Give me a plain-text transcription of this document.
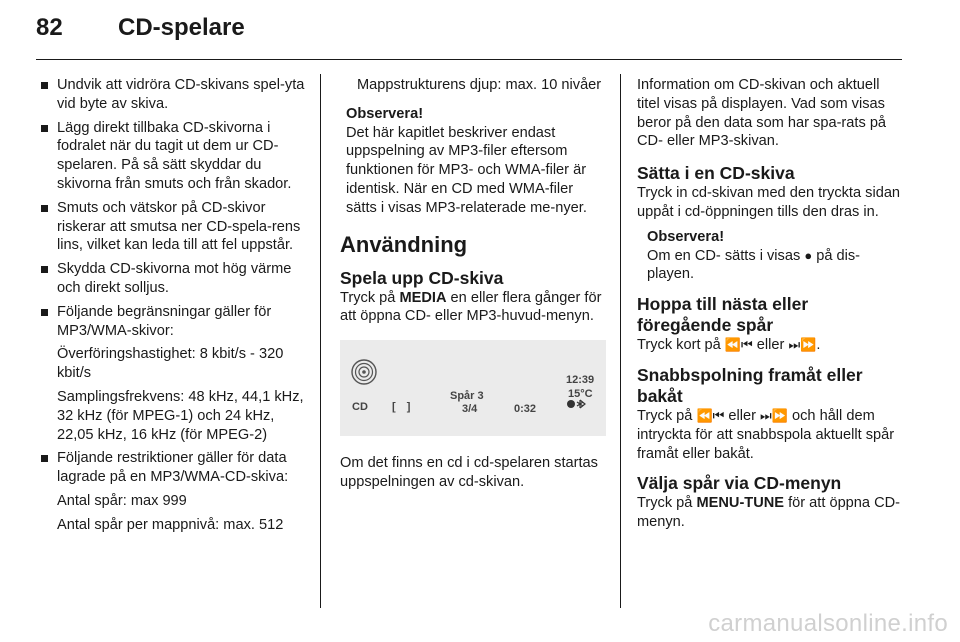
82 CD-spelare
Undvik att vidröra CD-skivans spel-yta vid byte av skiva.
Lägg direkt tillbaka CD-skivorna i fodralet när du tagit ut dem ur CD-spelaren. På så sätt skyddar du skivorna från smuts och från skador.
Smuts och vätskor på CD-skivor riskerar att smutsa ner CD-spela-rens lins, vilket kan leda till att fel uppstår.
Skydda CD-skivorna mot hög värme och direkt solljus.
Följande begränsningar gäller för MP3/WMA-skivor:
Överföringshastighet: 8 kbit/s - 320 kbit/s
Samplingsfrekvens: 48 kHz, 44,1 kHz, 32 kHz (för MPEG-1) och 24 kHz, 22,05 kHz, 16 kHz (för MPEG-2)
Följande restriktioner gäller för data lagrade på en MP3/WMA-CD-skiva:
Antal spår: max 999
Antal spår per mappnivå: max. 512
Mappstrukturens djup: max. 10 nivåer
Observera!
Det här kapitlet beskriver endast uppspelning av MP3-filer eftersom funktionen för MP3- och WMA-filer är identisk. När en CD med WMA-filer sätts i visas MP3-relaterade me-nyer.
Användning
Spela upp CD-skiva

Tryck på MEDIA en eller flera gånger för att öppna CD- eller MP3-huvud-menyn.

CD [ ]
Spår 3
3/4	0:32
12:39
15°C

Om det finns en cd i cd-spelaren startas uppspelningen av cd-skivan.

Information om CD-skivan och aktuell titel visas på displayen. Vad som visas beror på den data som har spa-rats på CD- eller MP3-skivan.

Sätta i en CD-skiva

Tryck in cd-skivan med den tryckta sidan uppåt i cd-öppningen tills den dras in.

Observera!
Om en CD- sätts i visas ● på dis-playen.
Hoppa till nästa eller föregående spår

Tryck kort på ⏪⏮ eller ⏭⏩.

Snabbspolning framåt eller bakåt

Tryck på ⏪⏮ eller ⏭⏩ och håll dem intryckta för att snabbspola aktuellt spår framåt eller bakåt.

Välja spår via CD-menyn

Tryck på MENU-TUNE för att öppna CD-menyn.

carmanualsonline.info
